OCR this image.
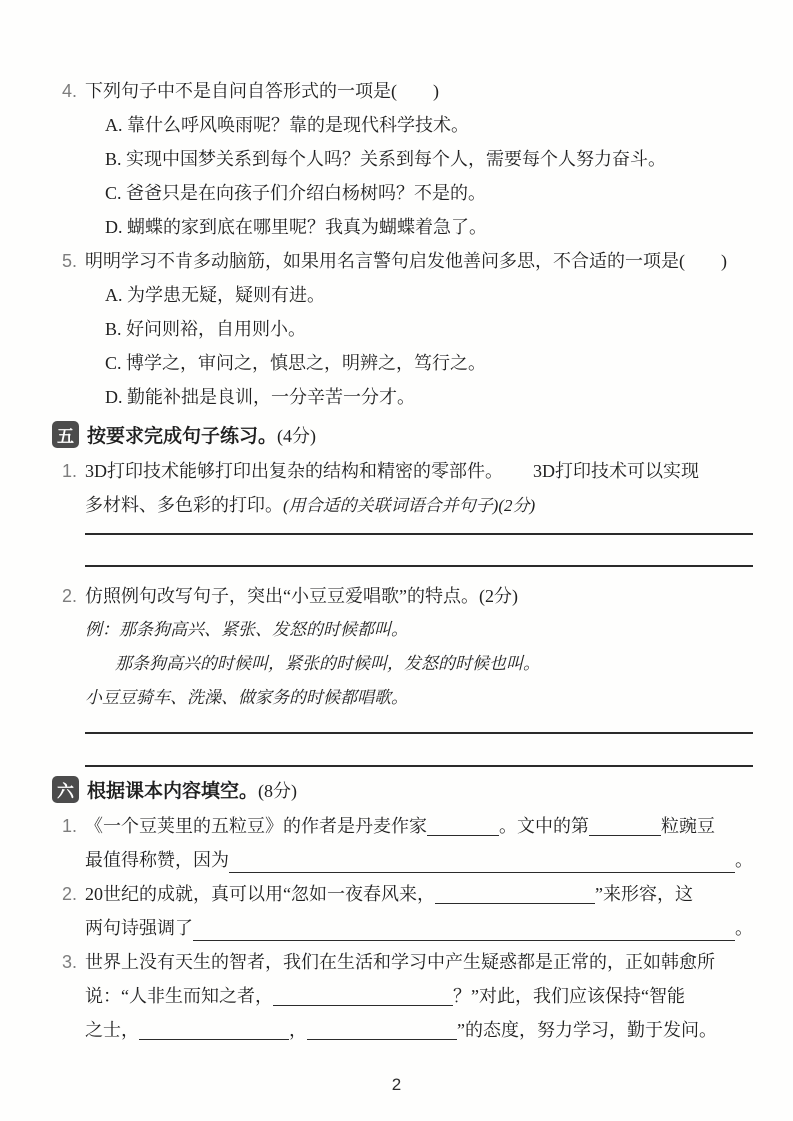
4. 下列句子中不是自问自答形式的一项是(　　)
A. 靠什么呼风唤雨呢？靠的是现代科学技术。
B. 实现中国梦关系到每个人吗？关系到每个人，需要每个人努力奋斗。
C. 爸爸只是在向孩子们介绍白杨树吗？不是的。
D. 蝴蝶的家到底在哪里呢？我真为蝴蝶着急了。
5. 明明学习不肯多动脑筋，如果用名言警句启发他善问多思，不合适的一项是(　　)
A. 为学患无疑，疑则有进。
B. 好问则裕，自用则小。
C. 博学之，审问之，慎思之，明辨之，笃行之。
D. 勤能补拙是良训，一分辛苦一分才。
五 按要求完成句子练习。(4分)
1. 3D打印技术能够打印出复杂的结构和精密的零部件。 3D打印技术可以实现
多材料、多色彩的打印。(用合适的关联词语合并句子)(2分)
2. 仿照例句改写句子，突出“小豆豆爱唱歌”的特点。(2分)
例：那条狗高兴、紧张、发怒的时候都叫。
那条狗高兴的时候叫，紧张的时候叫，发怒的时候也叫。
小豆豆骑车、洗澡、做家务的时候都唱歌。
六 根据课本内容填空。(8分)
1. 《一个豆荚里的五粒豆》的作者是丹麦作家	。文中的第	粒豌豆
最值得称赞，因为	。
2. 20世纪的成就，真可以用“忽如一夜春风来，	”来形容，这
两句诗强调了	。
3. 世界上没有天生的智者，我们在生活和学习中产生疑惑都是正常的，正如韩愈所
说：“人非生而知之者，	？”对此，我们应该保持“智能
之士，	，	”的态度，努力学习，勤于发问。
2
